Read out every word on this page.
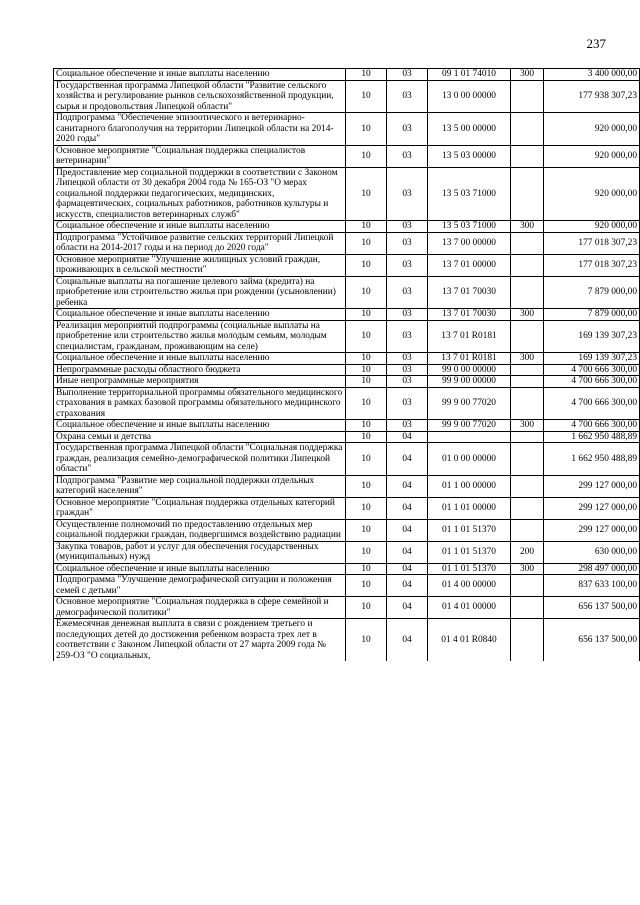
237
Социальное обеспечение и иные выплаты населению	10	03	09 1 01 74010	300	3 400 000,00
Государственная программа Липецкой области "Развитие сельского хозяйства и регулирование рынков сельскохозяйственной продукции, сырья и продовольствия Липецкой области"	10	03	13 0 00 00000		177 938 307,23
Подпрограмма "Обеспечение эпизоотического и ветеринарно-санитарного благополучия на территории Липецкой области на 2014-2020 годы"	10	03	13 5 00 00000		920 000,00
Основное мероприятие "Социальная поддержка специалистов ветеринарии"	10	03	13 5 03 00000		920 000,00
Предоставление мер социальной поддержки в соответствии с Законом Липецкой области от 30 декабря 2004 года № 165-ОЗ "О мерах социальной поддержки педагогических, медицинских, фармацевтических, социальных работников, работников культуры и искусств, специалистов ветеринарных служб"	10	03	13 5 03 71000		920 000,00
Социальное обеспечение и иные выплаты населению	10	03	13 5 03 71000	300	920 000,00
Подпрограмма "Устойчивое развитие сельских территорий Липецкой области на 2014-2017 годы и на период до 2020 года"	10	03	13 7 00 00000		177 018 307,23
Основное мероприятие "Улучшение жилищных условий граждан, проживающих в сельской местности"	10	03	13 7 01 00000		177 018 307,23
Социальные выплаты на погашение целевого займа (кредита) на приобретение или строительство жилья при рождении (усыновлении) ребенка	10	03	13 7 01 70030		7 879 000,00
Социальное обеспечение и иные выплаты населению	10	03	13 7 01 70030	300	7 879 000,00
Реализация мероприятий подпрограммы (социальные выплаты на приобретение или строительство жилья молодым семьям, молодым специалистам, гражданам, проживающим на селе)	10	03	13 7 01 R0181		169 139 307,23
Социальное обеспечение и иные выплаты населению	10	03	13 7 01 R0181	300	169 139 307,23
Непрограммные расходы областного бюджета	10	03	99 0 00 00000		4 700 666 300,00
Иные непрограммные мероприятия	10	03	99 9 00 00000		4 700 666 300,00
Выполнение территориальной программы обязательного медицинского страхования в рамках базовой программы обязательного медицинского страхования	10	03	99 9 00 77020		4 700 666 300,00
Социальное обеспечение и иные выплаты населению	10	03	99 9 00 77020	300	4 700 666 300,00
Охрана семьи и детства	10	04			1 662 950 488,89
Государственная программа Липецкой области "Социальная поддержка граждан, реализация семейно-демографической политики Липецкой области"	10	04	01 0 00 00000		1 662 950 488,89
Подпрограмма "Развитие мер социальной поддержки отдельных категорий населения"	10	04	01 1 00 00000		299 127 000,00
Основное мероприятие "Социальная поддержка отдельных категорий граждан"	10	04	01 1 01 00000		299 127 000,00
Осуществление полномочий по предоставлению отдельных мер социальной поддержки граждан, подвергшимся воздействию радиации	10	04	01 1 01 51370		299 127 000,00
Закупка товаров, работ и услуг для обеспечения государственных (муниципальных) нужд	10	04	01 1 01 51370	200	630 000,00
Социальное обеспечение и иные выплаты населению	10	04	01 1 01 51370	300	298 497 000,00
Подпрограмма "Улучшение демографической ситуации и положения семей с детьми"	10	04	01 4 00 00000		837 633 100,00
Основное мероприятие "Социальная поддержка в сфере семейной и демографической политики"	10	04	01 4 01 00000		656 137 500,00
Ежемесячная денежная выплата в связи с рождением третьего и последующих детей до достижения ребенком возраста трех лет в соответствии с Законом Липецкой области от 27 марта 2009 года № 259-ОЗ "О социальных,	10	04	01 4 01 R0840		656 137 500,00
